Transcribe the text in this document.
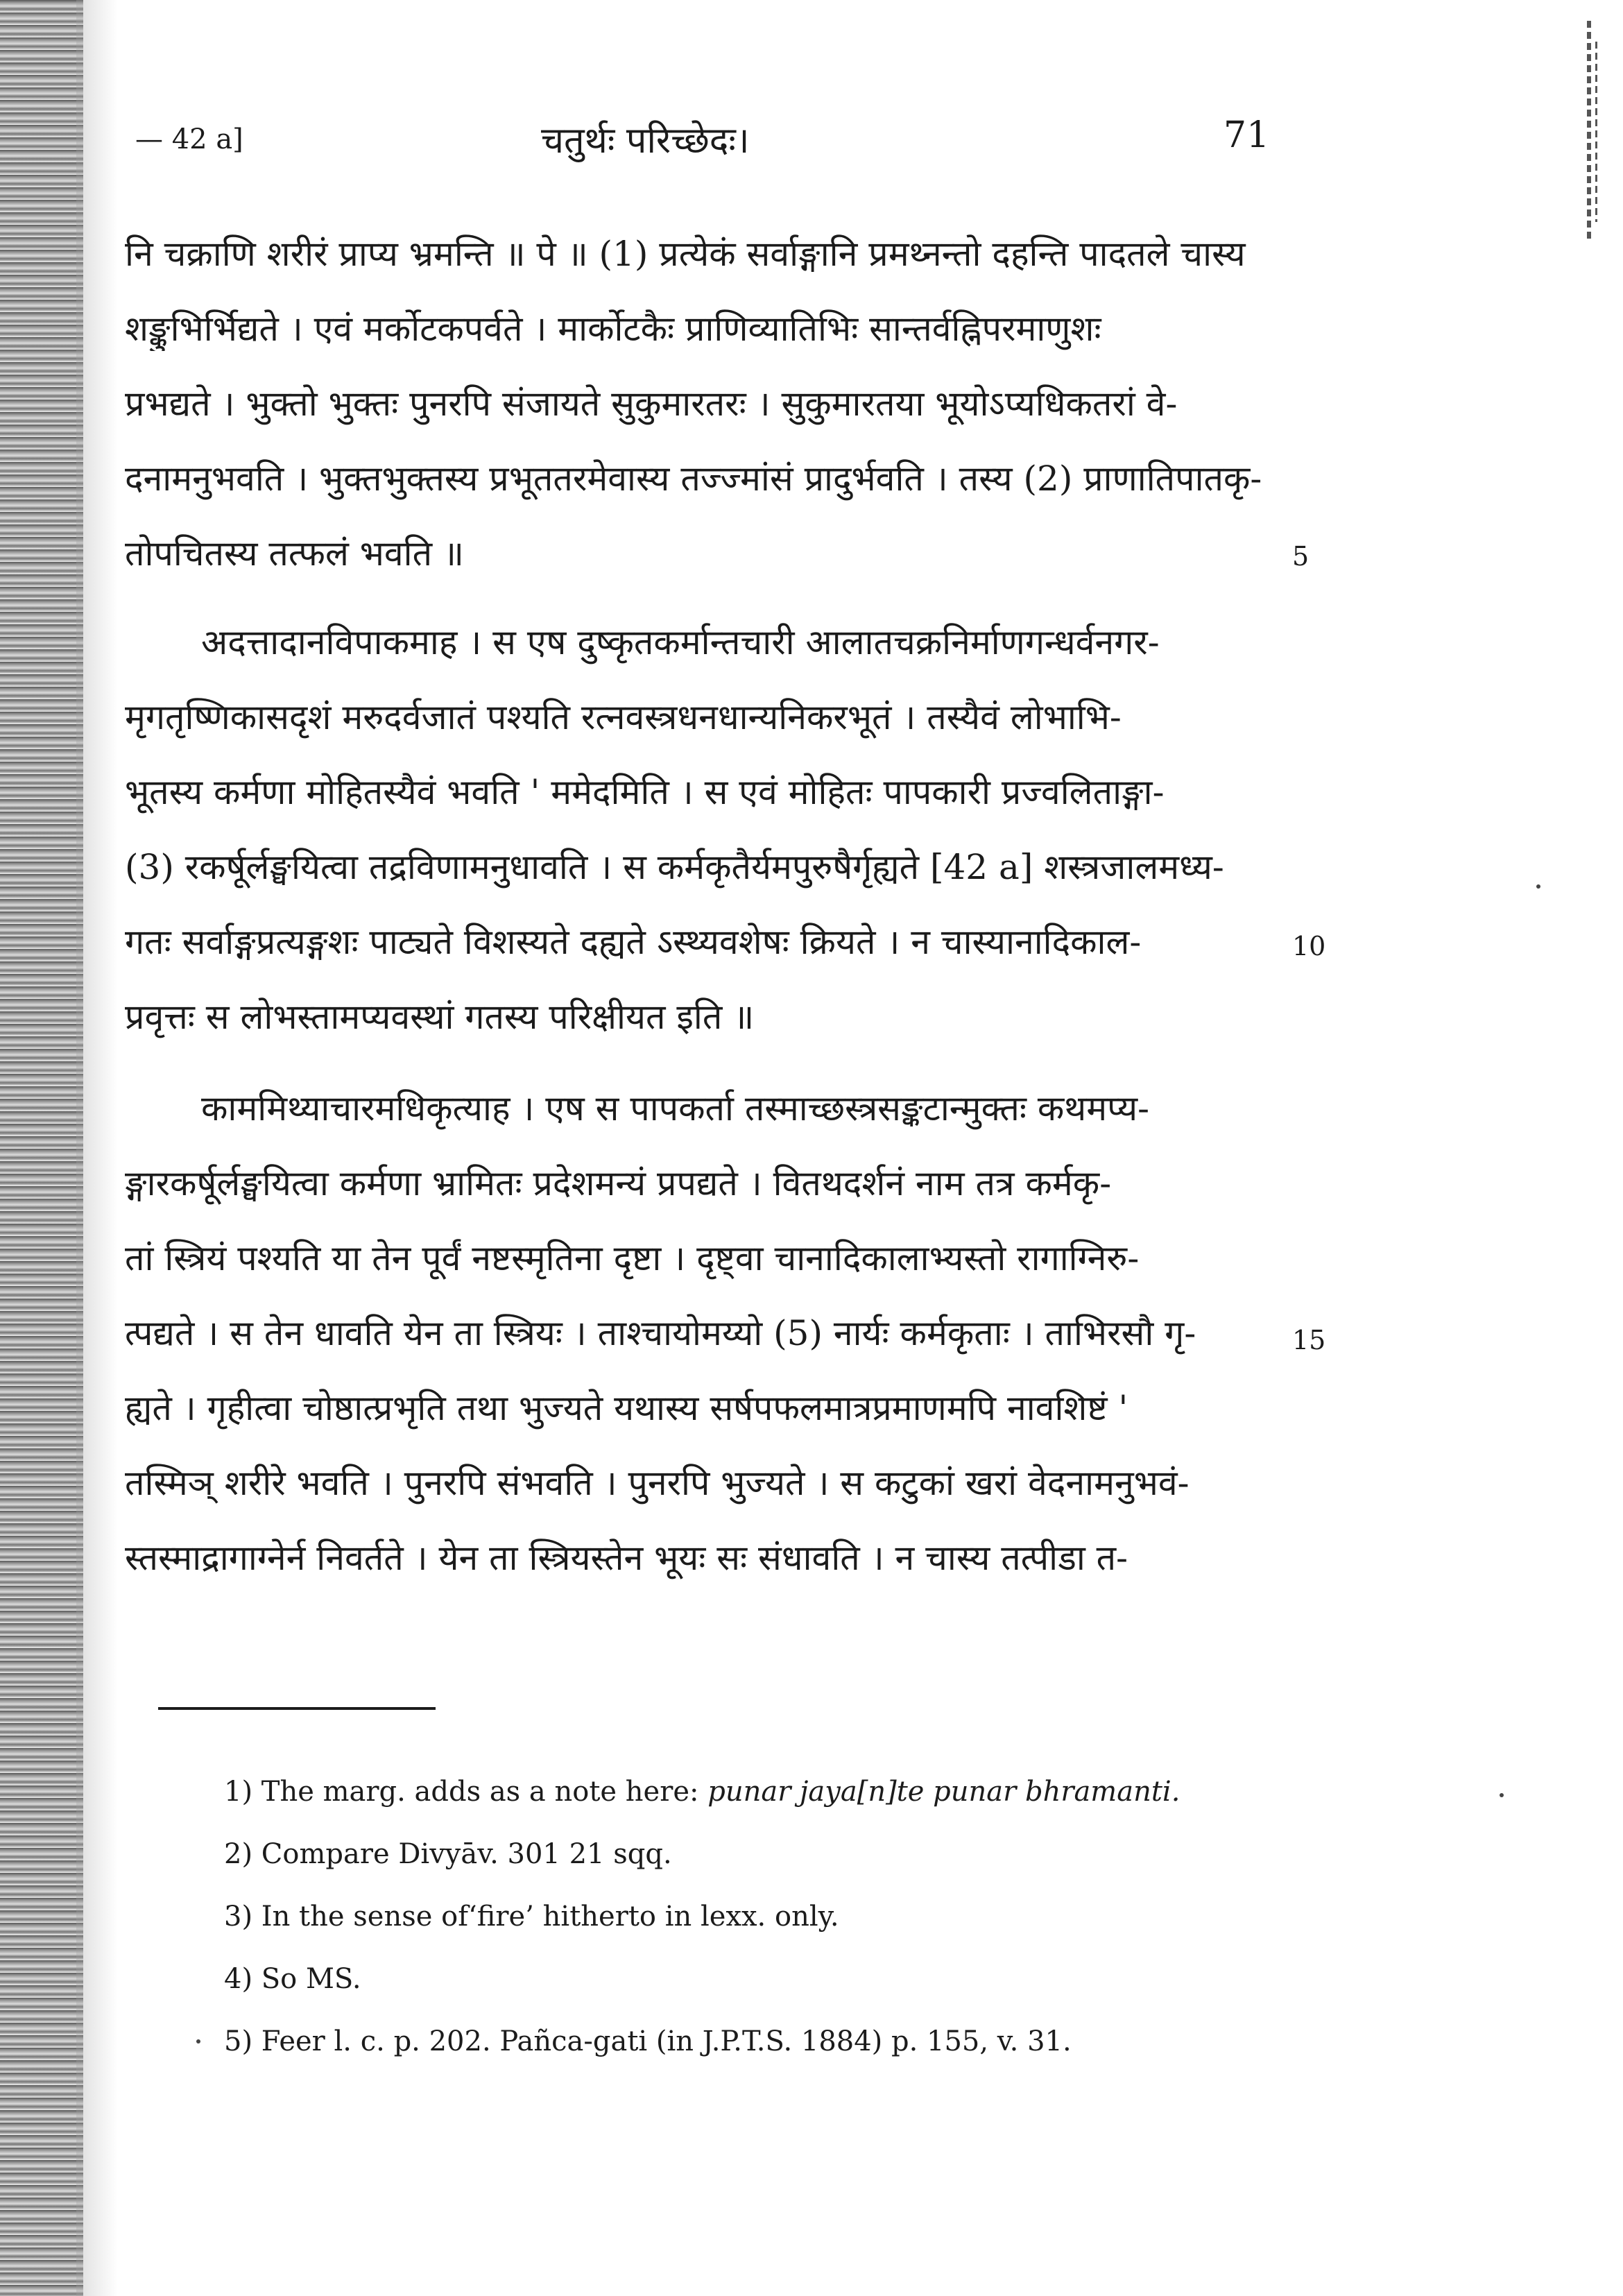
— 42 a]	चतुर्थः परिच्छेदः।	71
नि चक्राणि शरीरं प्राप्य भ्रमन्ति ॥ पे ॥ (1) प्रत्येकं सर्वाङ्गानि प्रमथ्नन्तो दहन्ति पादतले चास्य
शङ्कुभिर्भिद्यते । एवं मर्कोटकपर्वते । मार्कोटकैः प्राणिव्यातिभिः सान्तर्वह्निपरमाणुशः
प्रभद्यते । भुक्तो भुक्तः पुनरपि संजायते सुकुमारतरः । सुकुमारतया भूयोऽप्यधिकतरां वे-
दनामनुभवति । भुक्तभुक्तस्य प्रभूततरमेवास्य तज्ज्मांसं प्रादुर्भवति । तस्य (2) प्राणातिपातकृ-
तोपचितस्य तत्फलं भवति ॥
अदत्तादानविपाकमाह । स एष दुष्कृतकर्मान्तचारी आलातचक्रनिर्माणगन्धर्वनगर-
मृगतृष्णिकासदृशं मरुदर्वजातं पश्यति रत्नवस्त्रधनधान्यनिकरभूतं । तस्यैवं लोभाभि-
भूतस्य कर्मणा मोहितस्यैवं भवति ' ममेदमिति । स एवं मोहितः पापकारी प्रज्वलिताङ्गा-
(3) रकर्षूर्लङ्घयित्वा तद्रविणामनुधावति । स कर्मकृतैर्यमपुरुषैर्गृह्यते [42 a] शस्त्रजालमध्य-
गतः सर्वाङ्गप्रत्यङ्गशः पाट्यते विशस्यते दह्यते ऽस्थ्यवशेषः क्रियते । न चास्यानादिकाल-
प्रवृत्तः स लोभस्तामप्यवस्थां गतस्य परिक्षीयत इति ॥
काममिथ्याचारमधिकृत्याह । एष स पापकर्ता तस्माच्छस्त्रसङ्कटान्मुक्तः कथमप्य-
ङ्गारकर्षूर्लङ्घयित्वा कर्मणा भ्रामितः प्रदेशमन्यं प्रपद्यते । वितथदर्शनं नाम तत्र कर्मकृ-
तां स्त्रियं पश्यति या तेन पूर्वं नष्टस्मृतिना दृष्टा । दृष्ट्वा चानादिकालाभ्यस्तो रागाग्निरु-
त्पद्यते । स तेन धावति येन ता स्त्रियः । ताश्चायोमय्यो (5) नार्यः कर्मकृताः । ताभिरसौ गृ-
ह्यते । गृहीत्वा चोष्ठात्प्रभृति तथा भुज्यते यथास्य सर्षपफलमात्रप्रमाणमपि नावशिष्टं '
तस्मिञ् शरीरे भवति । पुनरपि संभवति । पुनरपि भुज्यते । स कटुकां खरां वेदनामनुभवं-
स्तस्माद्रागाग्नेर्न निवर्तते । येन ता स्त्रियस्तेन भूयः सः संधावति । न चास्य तत्पीडा त-
5
10
15
1) The marg. adds as a note here: punar jaya[n]te punar bhramanti.
2) Compare Divyāv. 301 21 sqq.
3) In the sense of‘fire’ hitherto in lexx. only.
4) So MS.
5) Feer l. c. p. 202. Pañca-gati (in J.P.T.S. 1884) p. 155, v. 31.
